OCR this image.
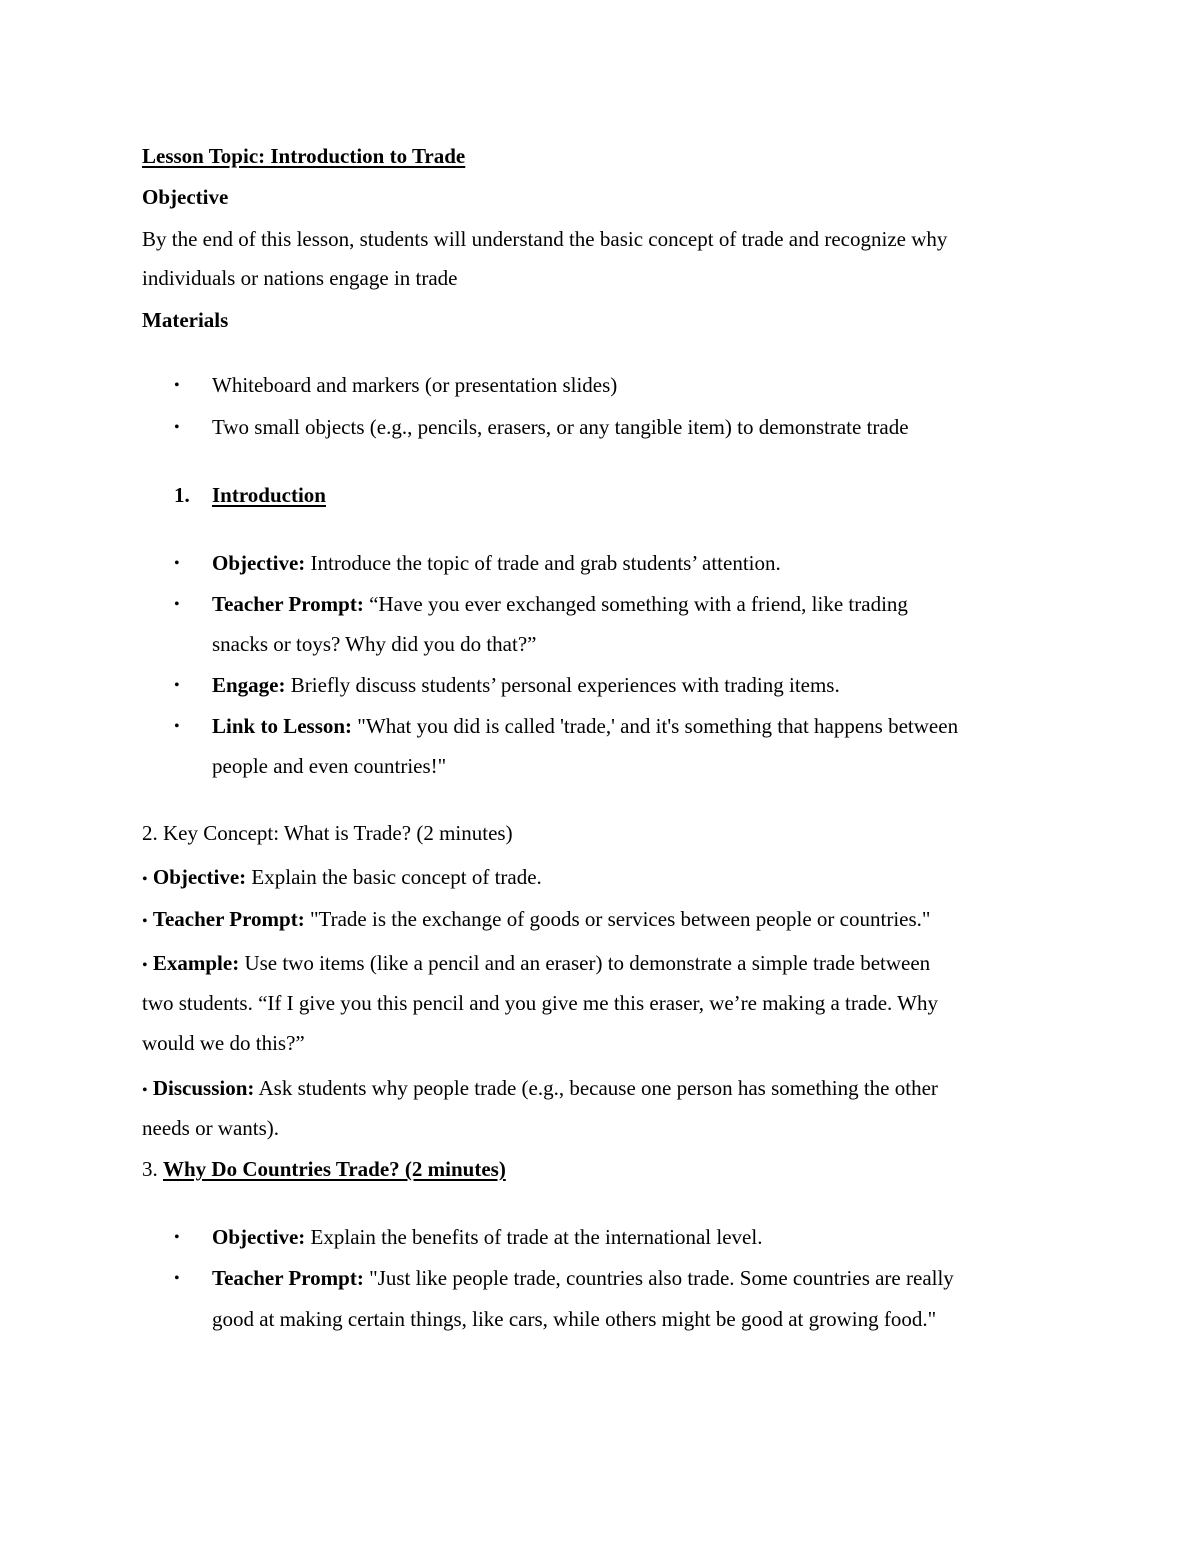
Lesson Topic: Introduction to Trade
Objective
By the end of this lesson, students will understand the basic concept of trade and recognize why
individuals or nations engage in trade
Materials
• Whiteboard and markers (or presentation slides)
• Two small objects (e.g., pencils, erasers, or any tangible item) to demonstrate trade
1. Introduction
• Objective: Introduce the topic of trade and grab students’ attention.
• Teacher Prompt: “Have you ever exchanged something with a friend, like trading
snacks or toys? Why did you do that?”
• Engage: Briefly discuss students’ personal experiences with trading items.
• Link to Lesson: "What you did is called 'trade,' and it's something that happens between
people and even countries!"
2. Key Concept: What is Trade? (2 minutes)
• Objective: Explain the basic concept of trade.
• Teacher Prompt: "Trade is the exchange of goods or services between people or countries."
• Example: Use two items (like a pencil and an eraser) to demonstrate a simple trade between
two students. “If I give you this pencil and you give me this eraser, we’re making a trade. Why
would we do this?”
• Discussion: Ask students why people trade (e.g., because one person has something the other
needs or wants).
3. Why Do Countries Trade? (2 minutes)
• Objective: Explain the benefits of trade at the international level.
• Teacher Prompt: "Just like people trade, countries also trade. Some countries are really
good at making certain things, like cars, while others might be good at growing food."
